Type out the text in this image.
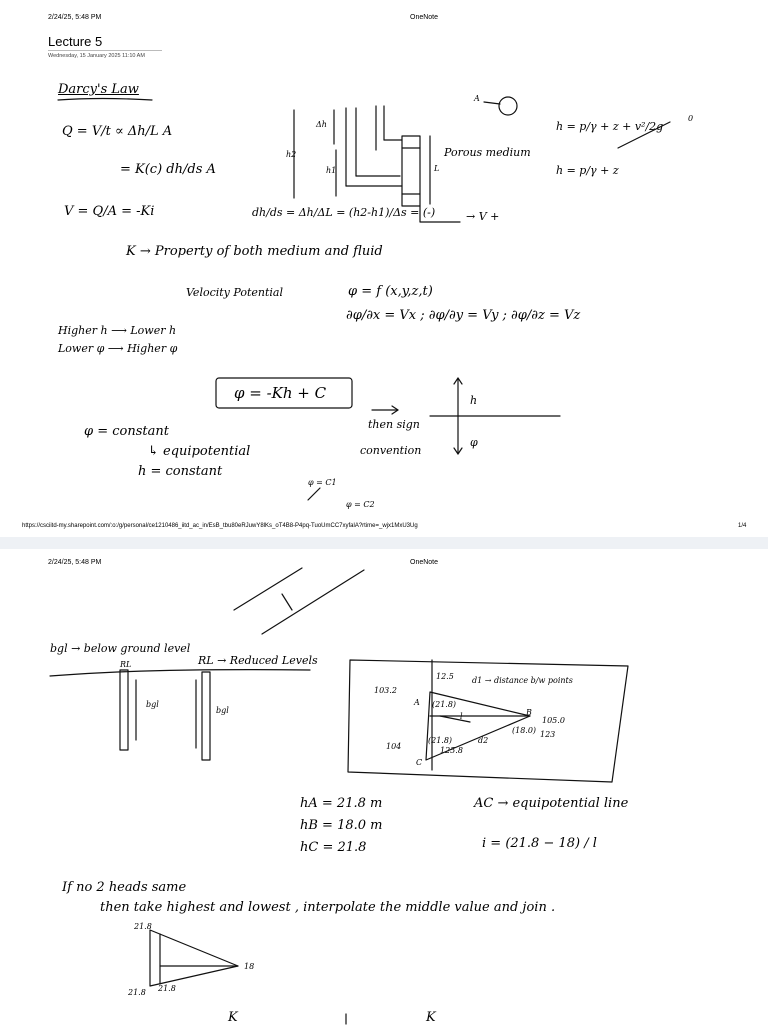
2/24/25, 5:48 PM	OneNote
Lecture 5
Wednesday, 15 January 2025 11:10 AM
Darcy's Law
Q = V/t ∝ Δh/L A
= K(c) dh/ds A
V = Q/A = -Ki	dh/ds = Δh/ΔL = (h2-h1)/Δs = (-)
K → Property of both medium and fluid
Δh
h2
h1
Porous medium
L
→ V +
A
h = p/γ + z + v²/2g
0
h = p/γ + z
Velocity Potential	φ = f (x,y,z,t)
∂φ/∂x = Vx ; ∂φ/∂y = Vy ; ∂φ/∂z = Vz
Higher h ⟶ Lower h
Lower φ ⟶ Higher φ
φ = -Kh + C
then sign
convention
h
φ
φ = constant
↳ equipotential
h = constant
φ = C1
φ = C2
https://csciitd-my.sharepoint.com/:o:/g/personal/ce1210486_iitd_ac_in/EsB_tbu80eRJuwY8lKs_oT4B8-P4pq-TuoUmCC7xyfalA?rtime=_wjx1MxU3Ug	1/4
2/24/25, 5:48 PM	OneNote
bgl → below ground level
RL → Reduced Levels
RL
bgl
bgl
A
B
C
103.2
12.5
(21.8)
d1 → distance b/w points
105.0
(18.0) 123
104
(21.8)
125.8
l
d2
hA = 21.8 m
hB = 18.0 m
hC = 21.8
AC → equipotential line
i = (21.8 − 18) / l
If no 2 heads same
then take highest and lowest , interpolate the middle value and join .
21.8
18
21.8 21.8
K	K
